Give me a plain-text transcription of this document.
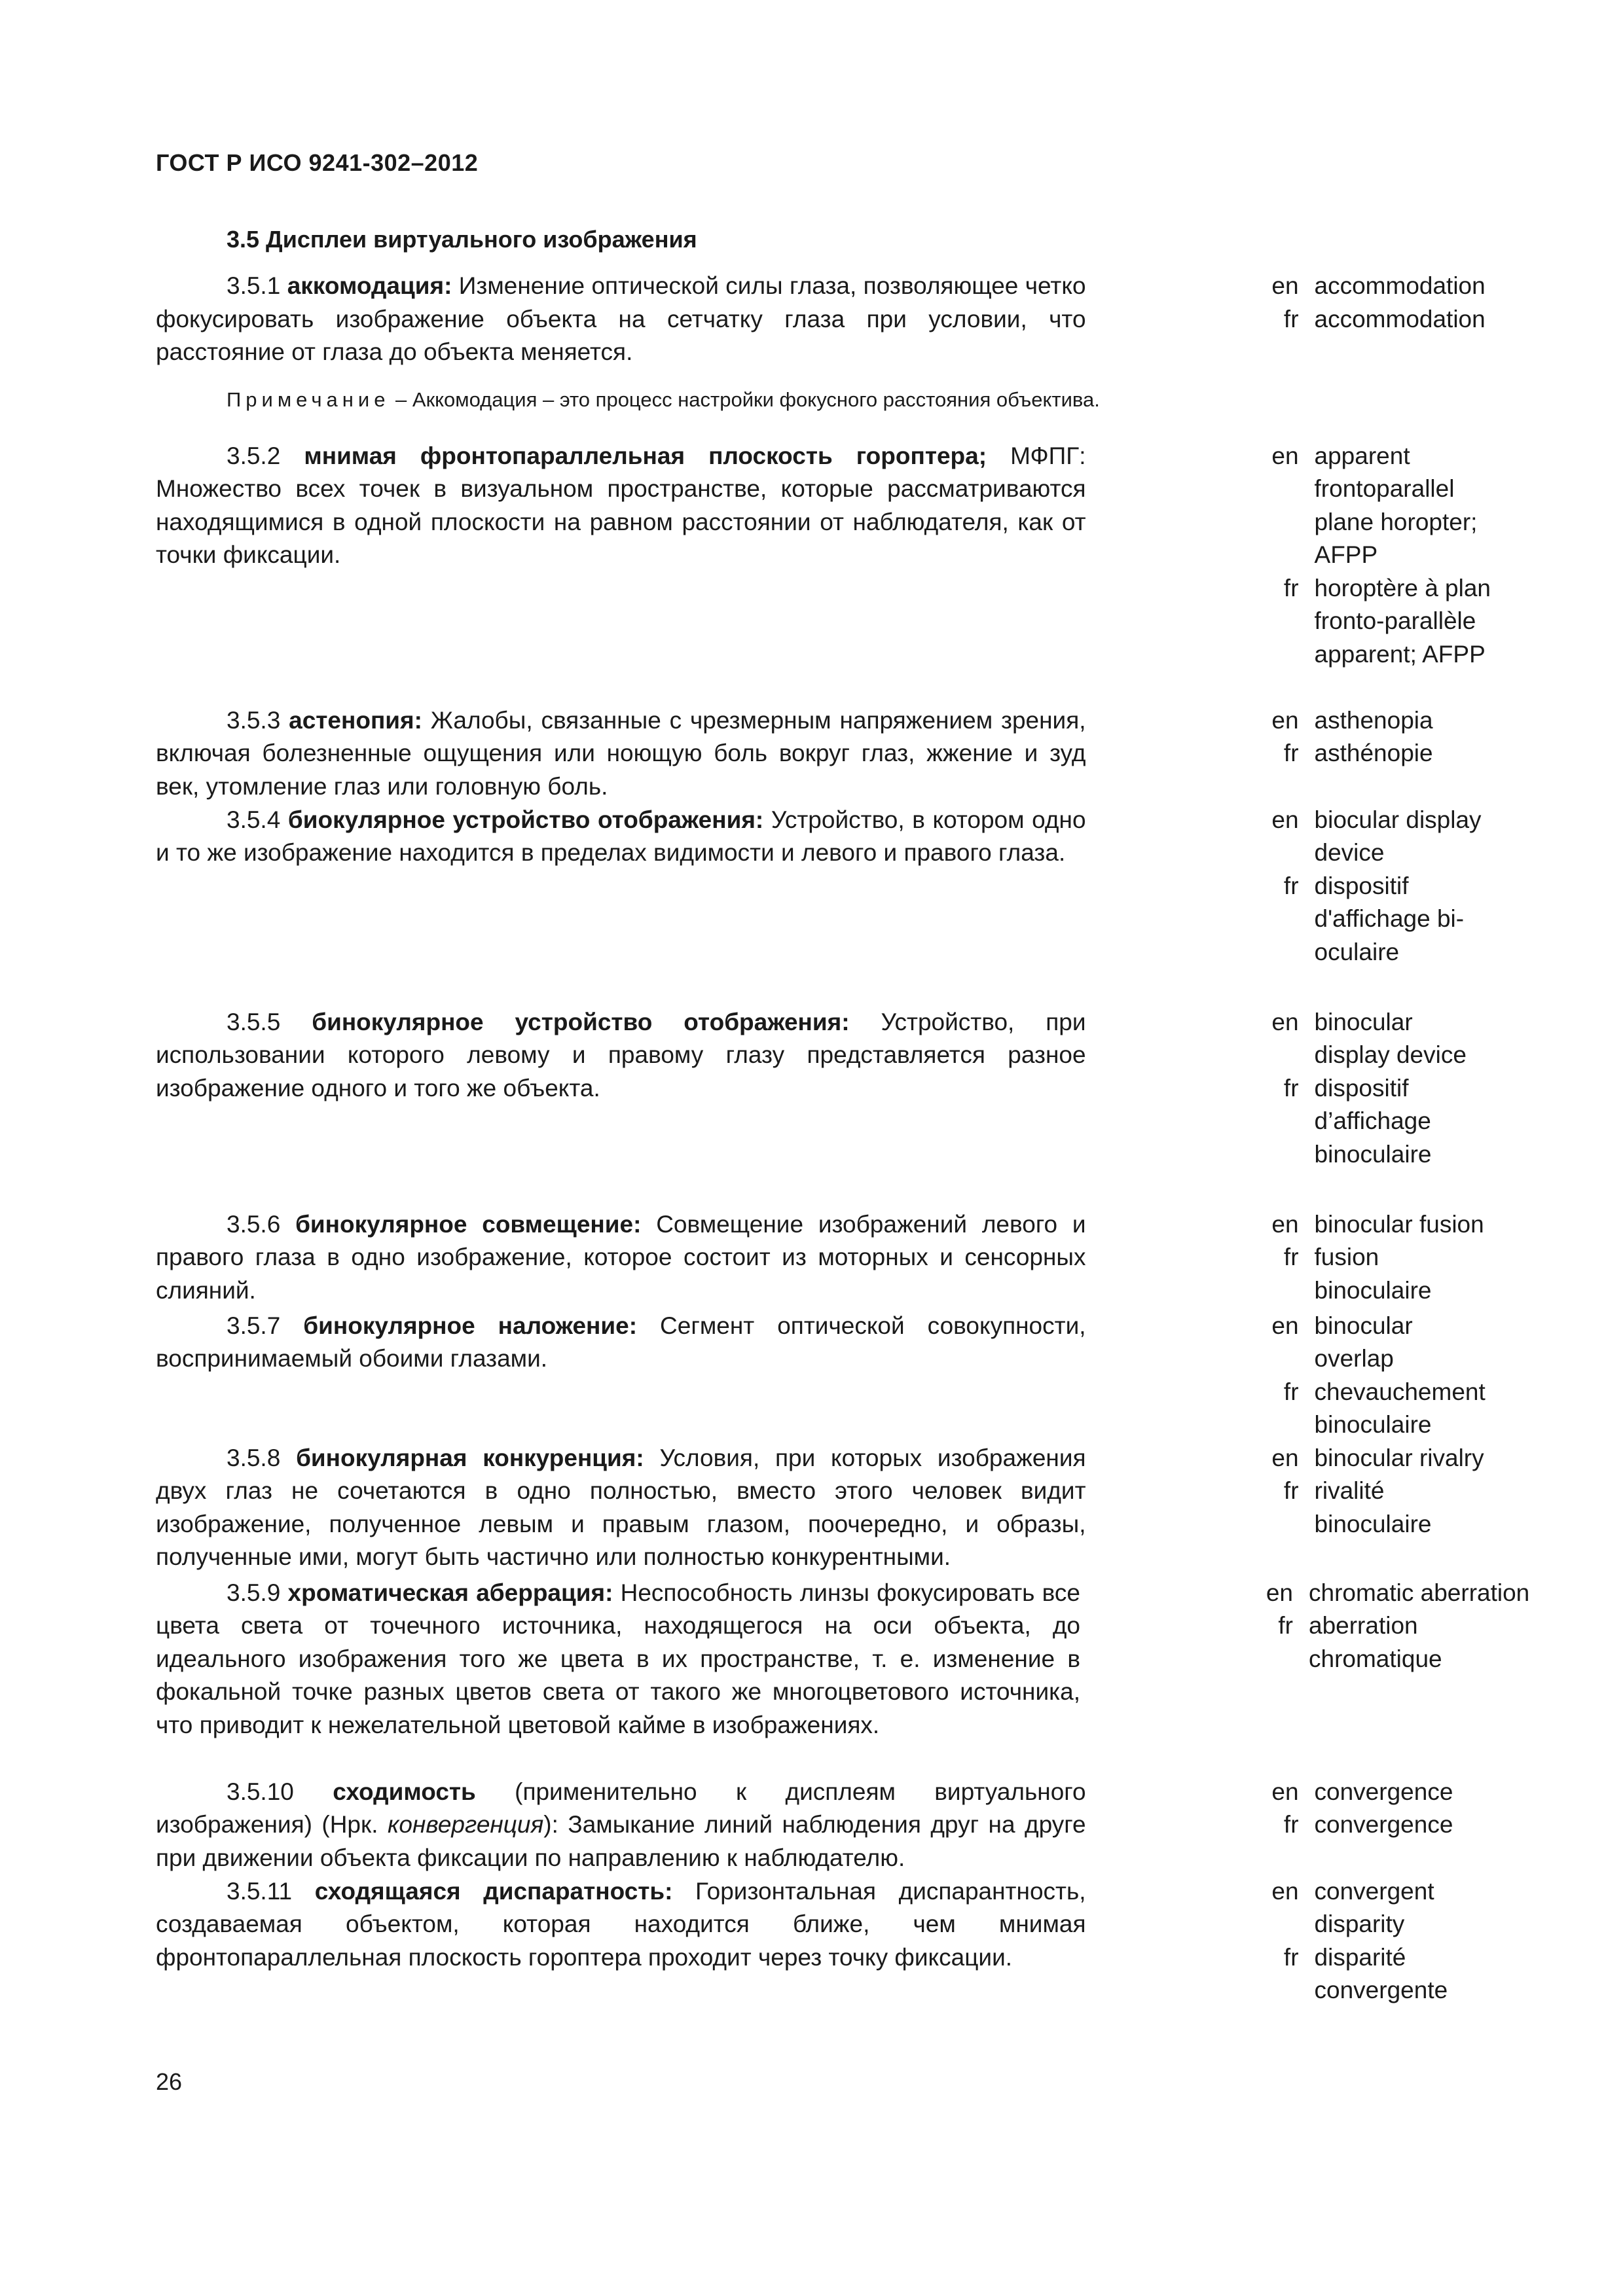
ГОСТ Р ИСО 9241-302–2012
3.5 Дисплеи виртуального изображения
3.5.1 аккомодация: Изменение оптической силы глаза, позволяющее четко фокусировать изображение объекта на сетчатку глаза при условии, что расстояние от глаза до объекта меняется.
en accommodation
fr accommodation
Примечание – Аккомодация – это процесс настройки фокусного расстояния объектива.
3.5.2 мнимая фронтопараллельная плоскость гороптера; МФПГ: Множество всех точек в визуальном пространстве, которые рассматриваются находящимися в одной плоскости на равном расстоянии от наблюдателя, как от точки фиксации.
en apparent frontoparallel plane horopter; AFPP
fr horoptère à plan fronto-parallèle apparent; AFPP
3.5.3 астенопия: Жалобы, связанные с чрезмерным напряжением зрения, включая болезненные ощущения или ноющую боль вокруг глаз, жжение и зуд век, утомление глаз или головную боль.
en asthenopia
fr asthénopie
3.5.4 биокулярное устройство отображения: Устройство, в котором одно и то же изображение находится в пределах видимости и левого и правого глаза.
en biocular display device
fr dispositif d'affichage bi-oculaire
3.5.5 бинокулярное устройство отображения: Устройство, при использовании которого левому и правому глазу представляется разное изображение одного и того же объекта.
en binocular display device
fr dispositif d’affichage binoculaire
3.5.6 бинокулярное совмещение: Совмещение изображений левого и правого глаза в одно изображение, которое состоит из моторных и сенсорных слияний.
en binocular fusion
fr fusion binoculaire
3.5.7 бинокулярное наложение: Сегмент оптической совокупности, воспринимаемый обоими глазами.
en binocular overlap
fr chevauchement binoculaire
3.5.8 бинокулярная конкуренция: Условия, при которых изображения двух глаз не сочетаются в одно полностью, вместо этого человек видит изображение, полученное левым и правым глазом, поочередно, и образы, полученные ими, могут быть частично или полностью конкурентными.
en binocular rivalry
fr rivalité binoculaire
3.5.9 хроматическая аберрация: Неспособность линзы фокусировать все цвета света от точечного источника, находящегося на оси объекта, до идеального изображения того же цвета в их пространстве, т. е. изменение в фокальной точке разных цветов света от такого же многоцветового источника, что приводит к нежелательной цветовой кайме в изображениях.
en chromatic aberration
fr aberration chromatique
3.5.10 сходимость (применительно к дисплеям виртуального изображения) (Нрк. конвергенция): Замыкание линий наблюдения друг на друге при движении объекта фиксации по направлению к наблюдателю.
en convergence
fr convergence
3.5.11 сходящаяся диспаратность: Горизонтальная диспарантность, создаваемая объектом, которая находится ближе, чем мнимая фронтопараллельная плоскость гороптера проходит через точку фиксации.
en convergent disparity
fr disparité convergente
26
